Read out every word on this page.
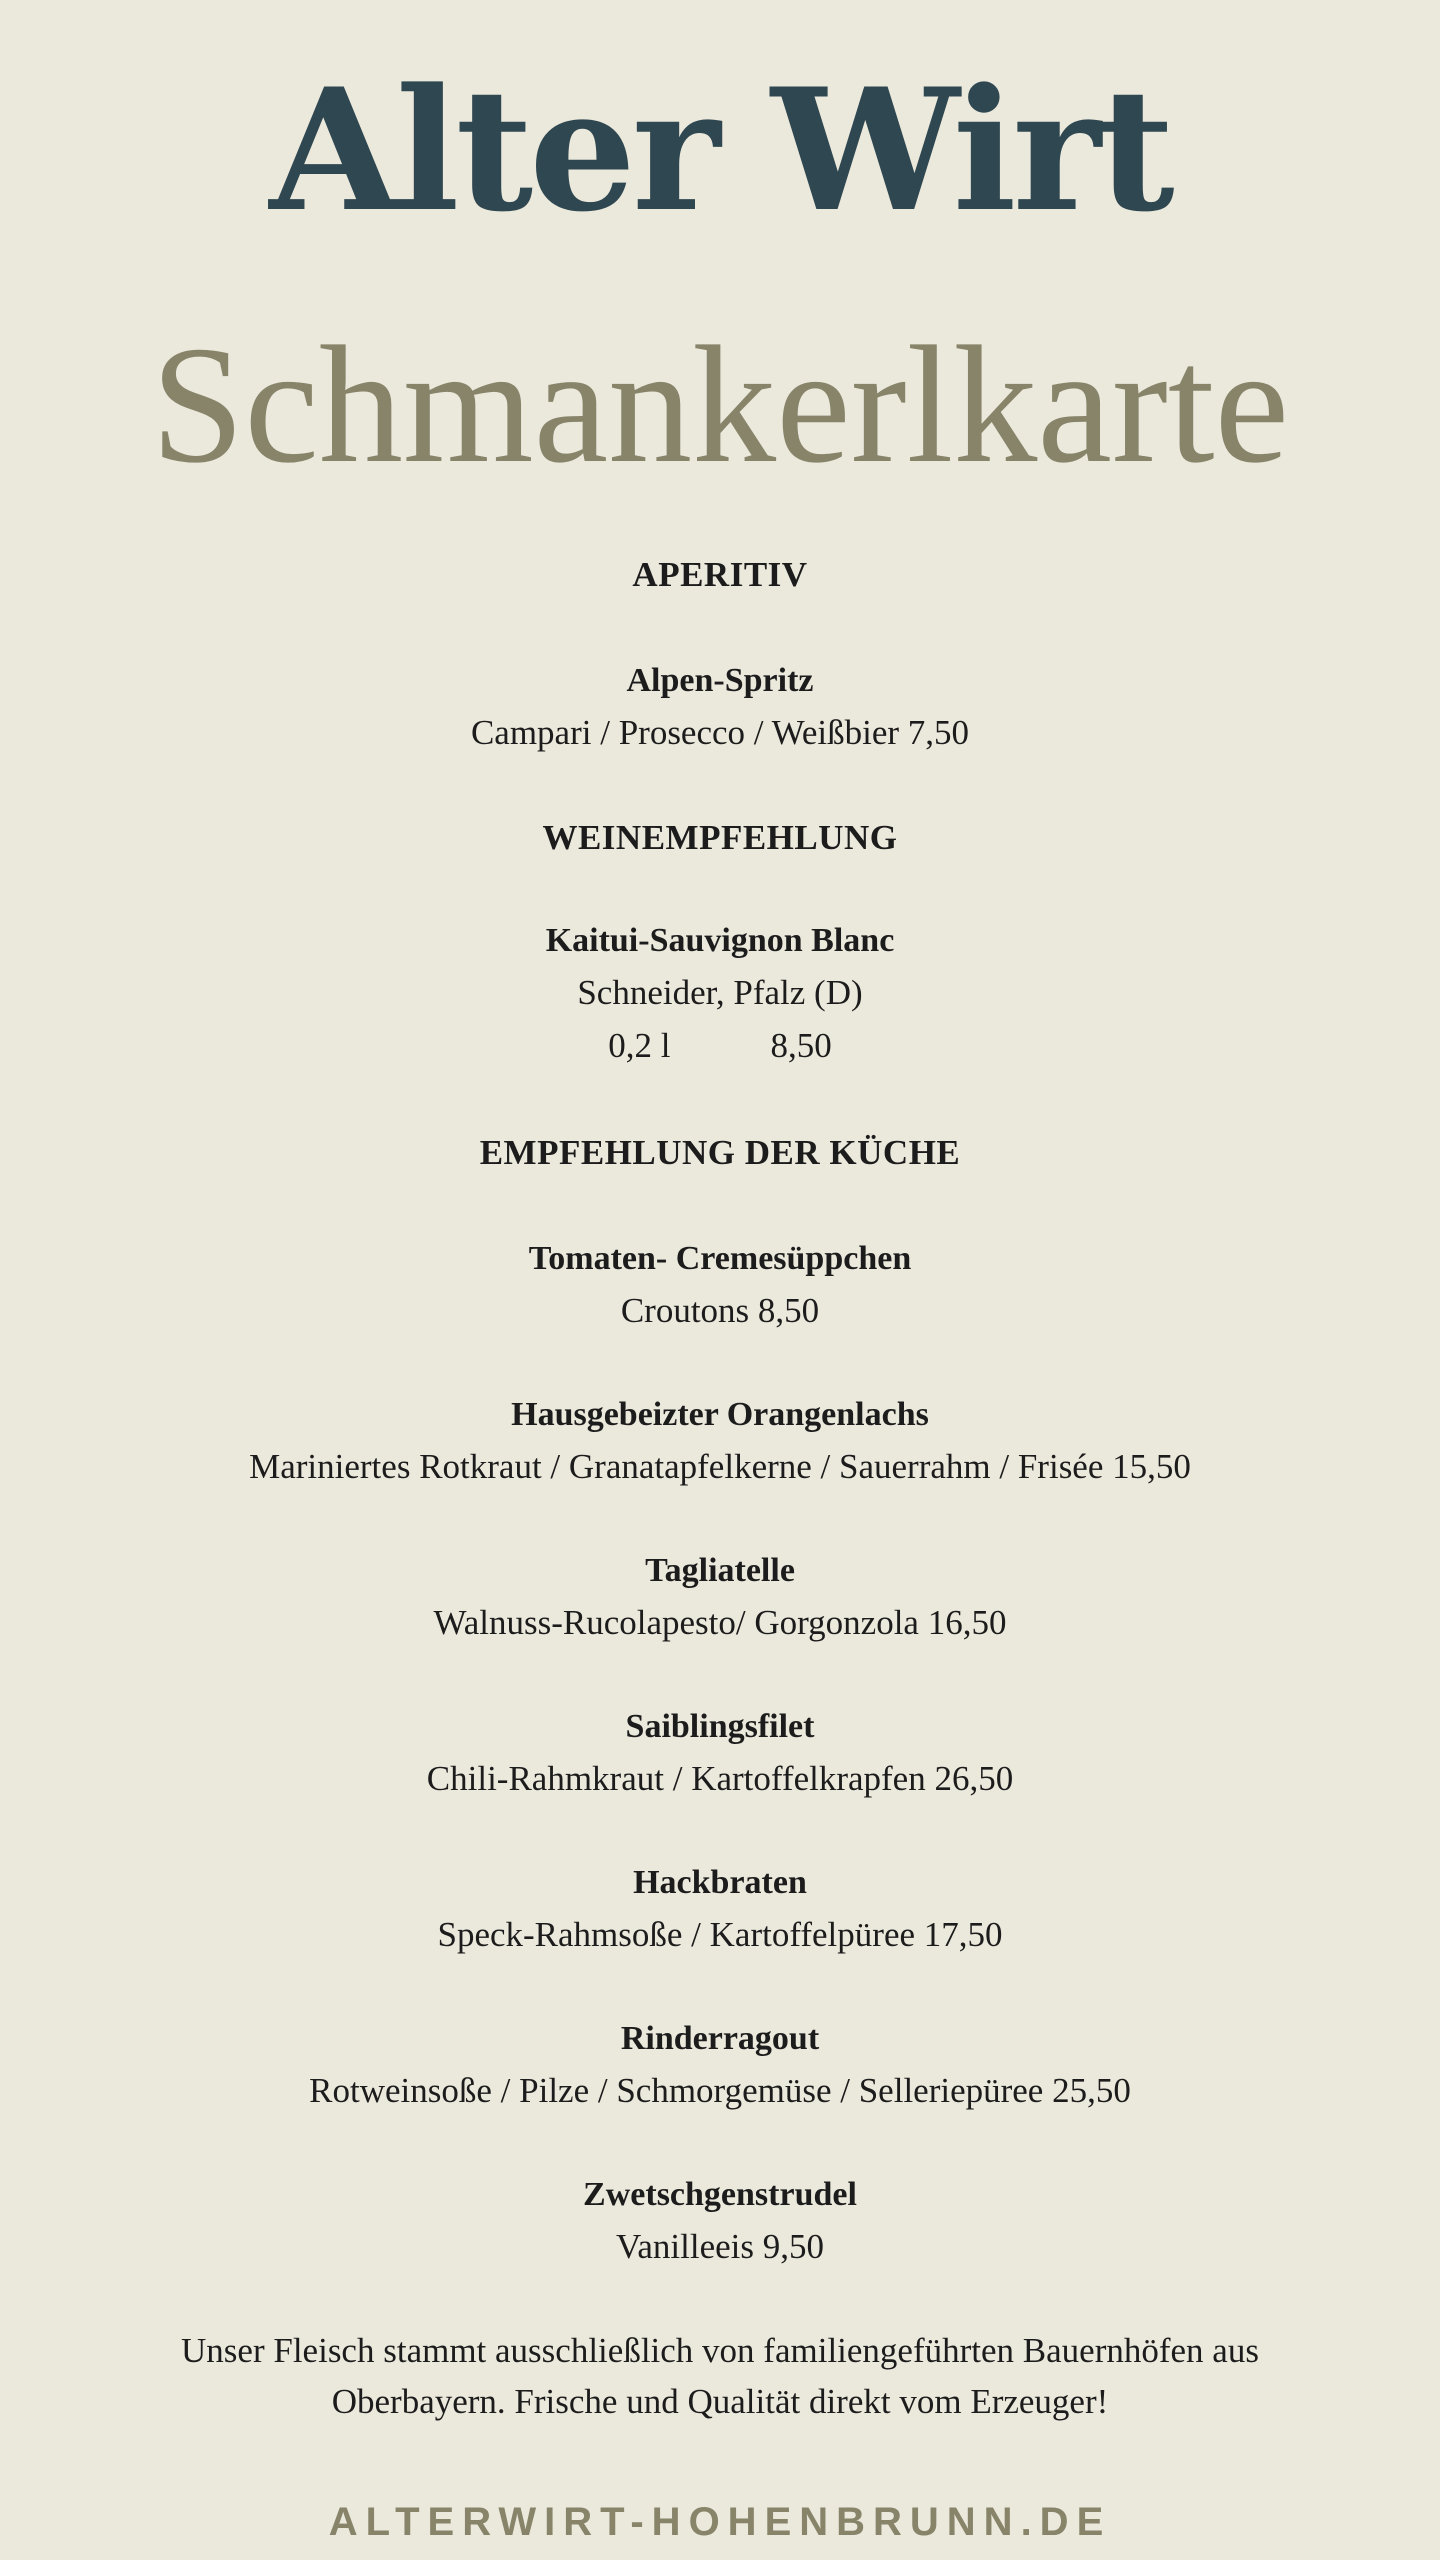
Alter Wirt
Schmankerlkarte
APERITIV
Alpen-Spritz
Campari / Prosecco / Weißbier 7,50
WEINEMPFEHLUNG
Kaitui-Sauvignon Blanc
Schneider, Pfalz (D)
0,2 l	8,50
EMPFEHLUNG DER KÜCHE
Tomaten- Cremesüppchen
Croutons 8,50
Hausgebeizter Orangenlachs
Mariniertes Rotkraut / Granatapfelkerne / Sauerrahm / Frisée 15,50
Tagliatelle
Walnuss-Rucolapesto/ Gorgonzola 16,50
Saiblingsfilet
Chili-Rahmkraut / Kartoffelkrapfen 26,50
Hackbraten
Speck-Rahmsoße / Kartoffelpüree 17,50
Rinderragout
Rotweinsoße / Pilze / Schmorgemüse / Selleriepüree 25,50
Zwetschgenstrudel
Vanilleeis 9,50
Unser Fleisch stammt ausschließlich von familiengeführten Bauernhöfen aus
Oberbayern. Frische und Qualität direkt vom Erzeuger!
ALTERWIRT-HOHENBRUNN.DE
